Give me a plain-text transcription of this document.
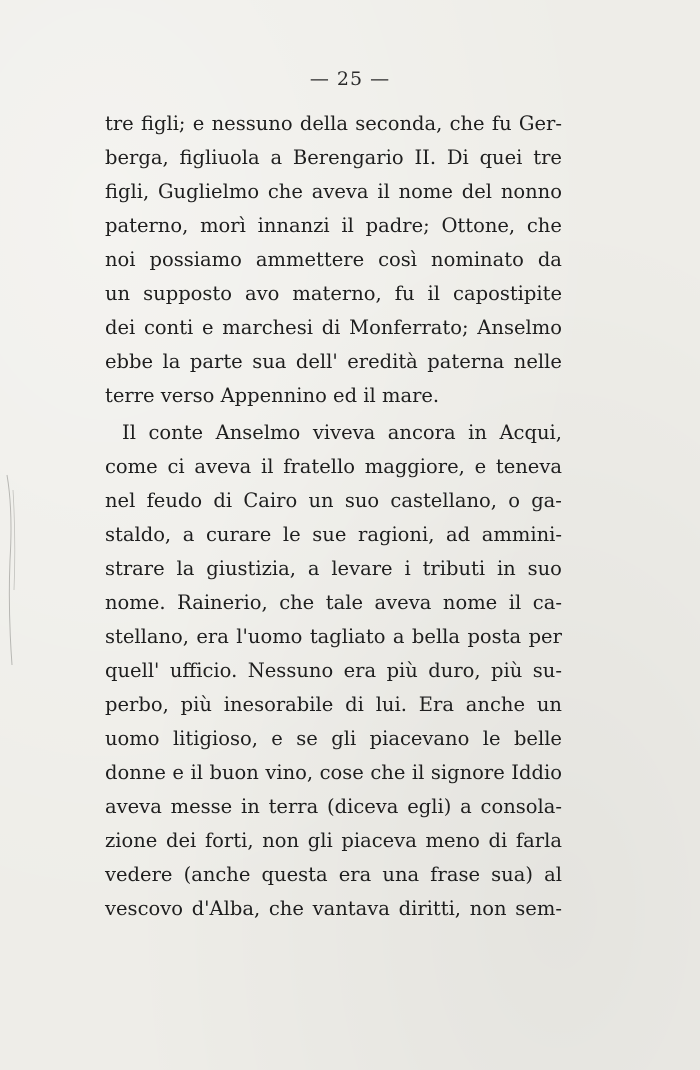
— 25 —
tre figli; e nessuno della seconda, che fu Ger-
berga, figliuola a Berengario II. Di quei tre
figli, Guglielmo che aveva il nome del nonno
paterno, morì innanzi il padre; Ottone, che
noi possiamo ammettere così nominato da
un supposto avo materno, fu il capostipite
dei conti e marchesi di Monferrato; Anselmo
ebbe la parte sua dell' eredità paterna nelle
terre verso Appennino ed il mare.
Il conte Anselmo viveva ancora in Acqui,
come ci aveva il fratello maggiore, e teneva
nel feudo di Cairo un suo castellano, o ga-
staldo, a curare le sue ragioni, ad ammini-
strare la giustizia, a levare i tributi in suo
nome. Rainerio, che tale aveva nome il ca-
stellano, era l'uomo tagliato a bella posta per
quell' ufficio. Nessuno era più duro, più su-
perbo, più inesorabile di lui. Era anche un
uomo litigioso, e se gli piacevano le belle
donne e il buon vino, cose che il signore Iddio
aveva messe in terra (diceva egli) a consola-
zione dei forti, non gli piaceva meno di farla
vedere (anche questa era una frase sua) al
vescovo d'Alba, che vantava diritti, non sem-
